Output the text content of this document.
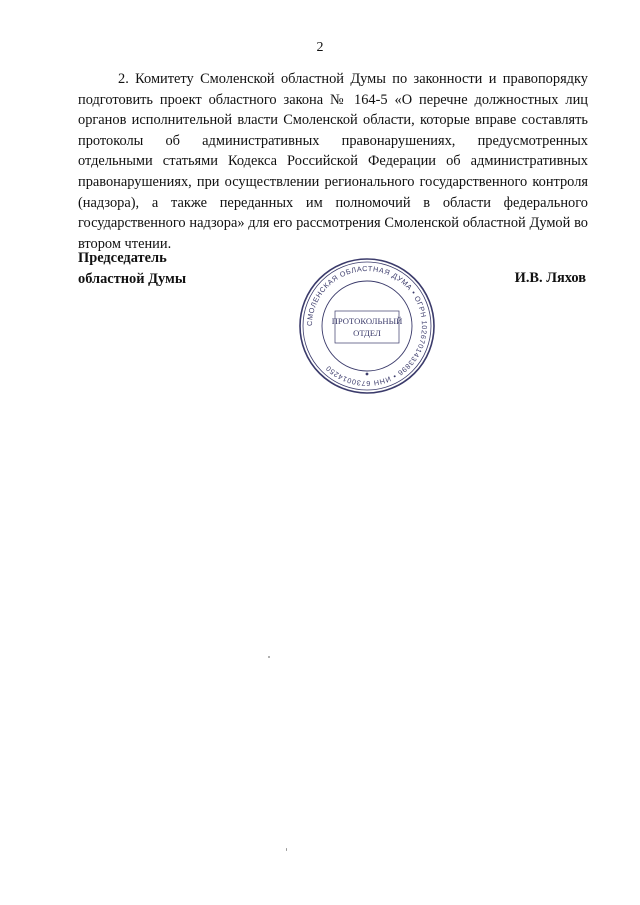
2
2. Комитету Смоленской областной Думы по законности и правопорядку подготовить проект областного закона № 164-5 «О перечне должностных лиц органов исполнительной власти Смоленской области, которые вправе составлять протоколы об административных правонарушениях, предусмотренных отдельными статьями Кодекса Российской Федерации об административных правонарушениях, при осуществлении регионального государственного контроля (надзора), а также переданных им полномочий в области федерального государственного надзора» для его рассмотрения Смоленской областной Думой во втором чтении.
Председатель
областной Думы	И.В. Ляхов
СМОЛЕНСКАЯ ОБЛАСТНАЯ ДУМА • ОГРН 1026701433896 • ИНН 6730014250
ПРОТОКОЛЬНЫЙ
ОТДЕЛ
